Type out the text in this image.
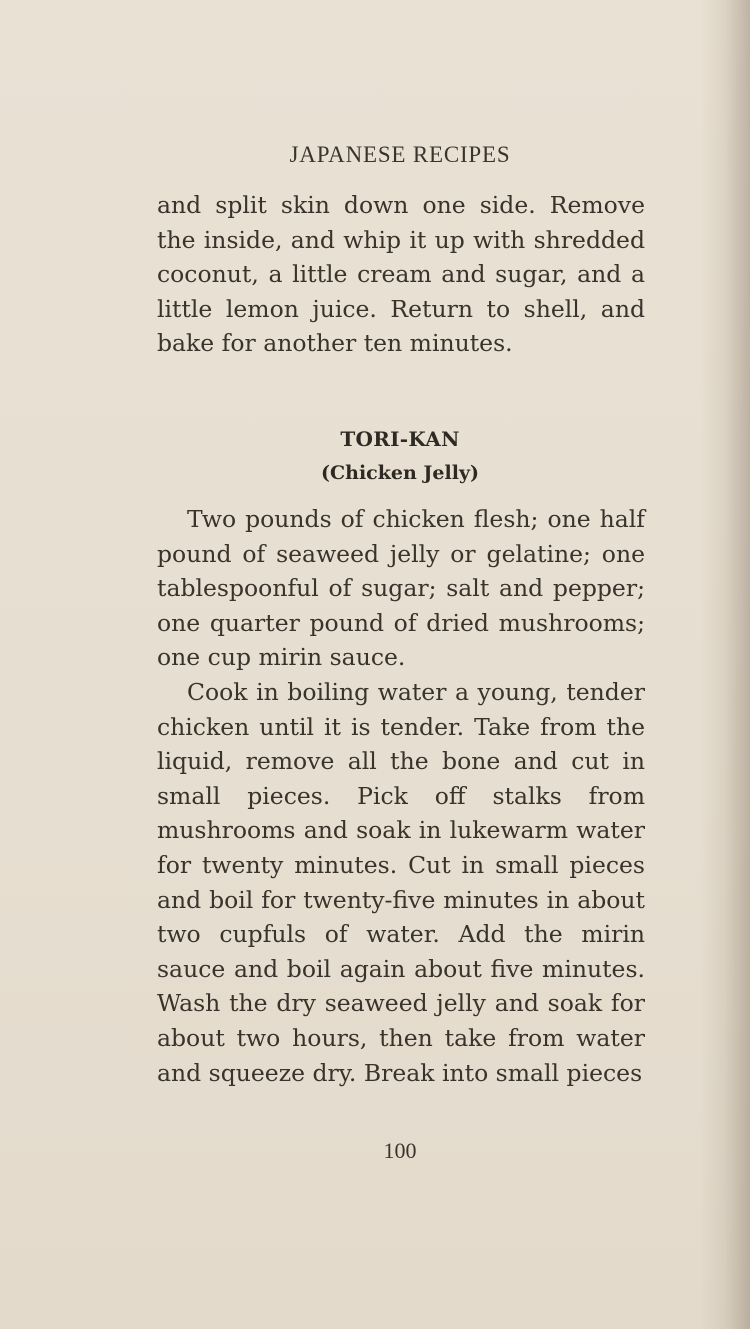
JAPANESE RECIPES

and split skin down one side. Remove the inside, and whip it up with shredded coconut, a little cream and sugar, and a little lemon juice. Return to shell, and bake for another ten minutes.

TORI-KAN
(Chicken Jelly)

Two pounds of chicken flesh; one half pound of seaweed jelly or gelatine; one tablespoonful of sugar; salt and pepper; one quarter pound of dried mushrooms; one cup mirin sauce.

Cook in boiling water a young, tender chicken until it is tender. Take from the liquid, remove all the bone and cut in small pieces. Pick off stalks from mushrooms and soak in lukewarm water for twenty minutes. Cut in small pieces and boil for twenty-five minutes in about two cupfuls of water. Add the mirin sauce and boil again about five minutes. Wash the dry seaweed jelly and soak for about two hours, then take from water and squeeze dry. Break into small pieces

100
